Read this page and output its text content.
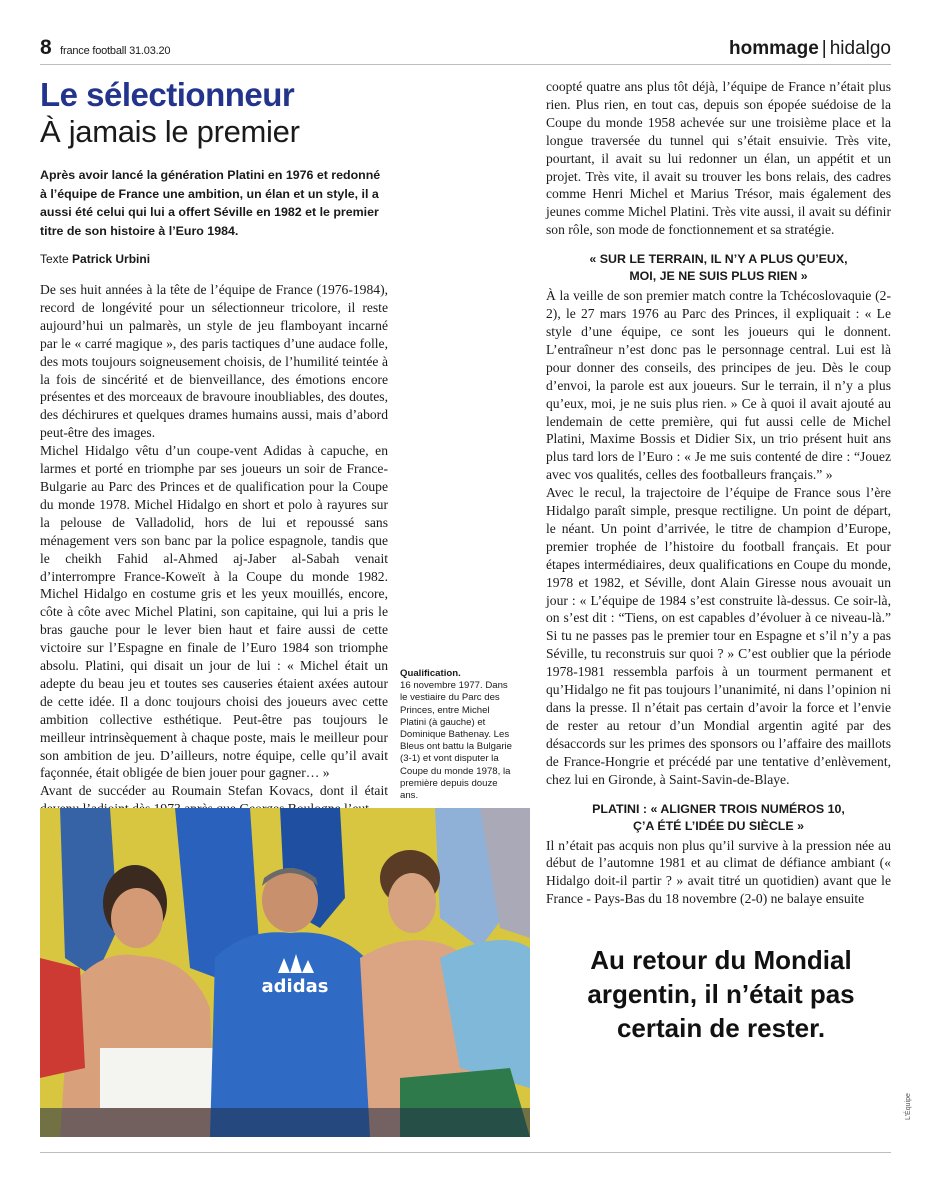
8 france football 31.03.20	hommage | hidalgo
Le sélectionneur
À jamais le premier
Après avoir lancé la génération Platini en 1976 et redonné à l’équipe de France une ambition, un élan et un style, il a aussi été celui qui lui a offert Séville en 1982 et le premier titre de son histoire à l’Euro 1984.
Texte Patrick Urbini

De ses huit années à la tête de l’équipe de France (1976-1984), record de longévité pour un sélectionneur tricolore, il reste aujourd’hui un palmarès, un style de jeu flamboyant incarné par le « carré magique », des paris tactiques d’une audace folle, des mots toujours soigneusement choisis, de l’humilité teintée à la fois de sincérité et de bienveillance, des émotions encore présentes et des morceaux de bravoure inoubliables, des doutes, des déchirures et quelques drames humains aussi, mais d’abord peut-être des images.

Michel Hidalgo vêtu d’un coupe-vent Adidas à capuche, en larmes et porté en triomphe par ses joueurs un soir de France-Bulgarie au Parc des Princes et de qualification pour la Coupe du monde 1978. Michel Hidalgo en short et polo à rayures sur la pelouse de Valladolid, hors de lui et repoussé sans ménagement vers son banc par la police espagnole, tandis que le cheikh Fahid al-Ahmed aj-Jaber al-Sabah venait d’interrompre France-Koweït à la Coupe du monde 1982. Michel Hidalgo en costume gris et les yeux mouillés, encore, côte à côte avec Michel Platini, son capitaine, qui lui a pris le bras gauche pour le lever bien haut et faire aussi de cette victoire sur l’Espagne en finale de l’Euro 1984 son triomphe absolu. Platini, qui disait un jour de lui : « Michel était un adepte du beau jeu et toutes ses causeries étaient axées autour de cette idée. Il a donc toujours choisi des joueurs avec cette ambition collective esthétique. Peut-être pas toujours le meilleur intrinsèquement à chaque poste, mais le meilleur pour son ambition de jeu. D’ailleurs, notre équipe, celle qu’il avait façonnée, était obligée de bien jouer pour gagner… »

Avant de succéder au Roumain Stefan Kovacs, dont il était

Qualification.
16 novembre 1977. Dans le vestiaire du Parc des Princes, entre Michel Platini (à gauche) et Dominique Bathenay. Les Bleus ont battu la Bulgarie (3-1) et vont disputer la Coupe du monde 1978, la première depuis douze ans.
adidas

coopté quatre ans plus tôt déjà, l’équipe de France n’était plus rien. Plus rien, en tout cas, depuis son épopée suédoise de la Coupe du monde 1958 achevée sur une troisième place et la longue traversée du tunnel qui s’était ensuivie. Très vite, pourtant, il avait su lui redonner un élan, un appétit et un projet. Très vite, il avait su trouver les bons relais, des cadres comme Henri Michel et Marius Trésor, mais également des jeunes comme Michel Platini. Très vite aussi, il avait su définir son rôle, son mode de fonctionnement et sa stratégie.

« SUR LE TERRAIN, IL N’Y A PLUS QU’EUX,
MOI, JE NE SUIS PLUS RIEN »

À la veille de son premier match contre la Tchécoslovaquie (2-2), le 27 mars 1976 au Parc des Princes, il expliquait : « Le style d’une équipe, ce sont les joueurs qui le donnent. L’entraîneur n’est donc pas le personnage central. Lui est là pour donner des conseils, des principes de jeu. Dès le coup d’envoi, la parole est aux joueurs. Sur le terrain, il n’y a plus qu’eux, moi, je ne suis plus rien. » Ce à quoi il avait ajouté au lendemain de cette première, qui fut aussi celle de Michel Platini, Maxime Bossis et Didier Six, un trio présent huit ans plus tard lors de l’Euro : « Je me suis contenté de dire : “Jouez avec vos qualités, celles des footballeurs français.” »

Avec le recul, la trajectoire de l’équipe de France sous l’ère Hidalgo paraît simple, presque rectiligne. Un point de départ, le néant. Un point d’arrivée, le titre de champion d’Europe, premier trophée de l’histoire du football français. Et pour étapes intermédiaires, deux qualifications en Coupe du monde, 1978 et 1982, et Séville, dont Alain Giresse nous avouait un jour : « L’équipe de 1984 s’est construite là-dessus. Ce soir-là, on s’est dit : “Tiens, on est capables d’évoluer à ce niveau-là.” Si tu ne passes pas le premier tour en Espagne et s’il n’y a pas Séville, tu reconstruis sur quoi ? » C’est oublier que la période 1978-1981 ressembla parfois à un tourment permanent et qu’Hidalgo ne fit pas toujours l’unanimité, ni dans l’opinion ni dans la presse. Il n’était pas certain d’avoir la force et l’envie de rester au retour d’un Mondial argentin agité par des désaccords sur les primes des sponsors ou l’affaire des maillots de France-Hongrie et précédé par une tentative d’enlèvement, chez lui en Gironde, à Saint-Savin-de-Blaye.

PLATINI : « ALIGNER TROIS NUMÉROS 10,
Ç’A ÉTÉ L’IDÉE DU SIÈCLE »

Il n’était pas acquis non plus qu’il survive à la pression née au début de l’automne 1981 et au climat de défiance ambiant (« Hidalgo doit-il partir ? » avait titré un quotidien) avant que le France - Pays-Bas du 18 novembre (2-0) ne balaye ensuite

Au retour du Mondial argentin, il n’était pas certain de rester.
L’Équipe
